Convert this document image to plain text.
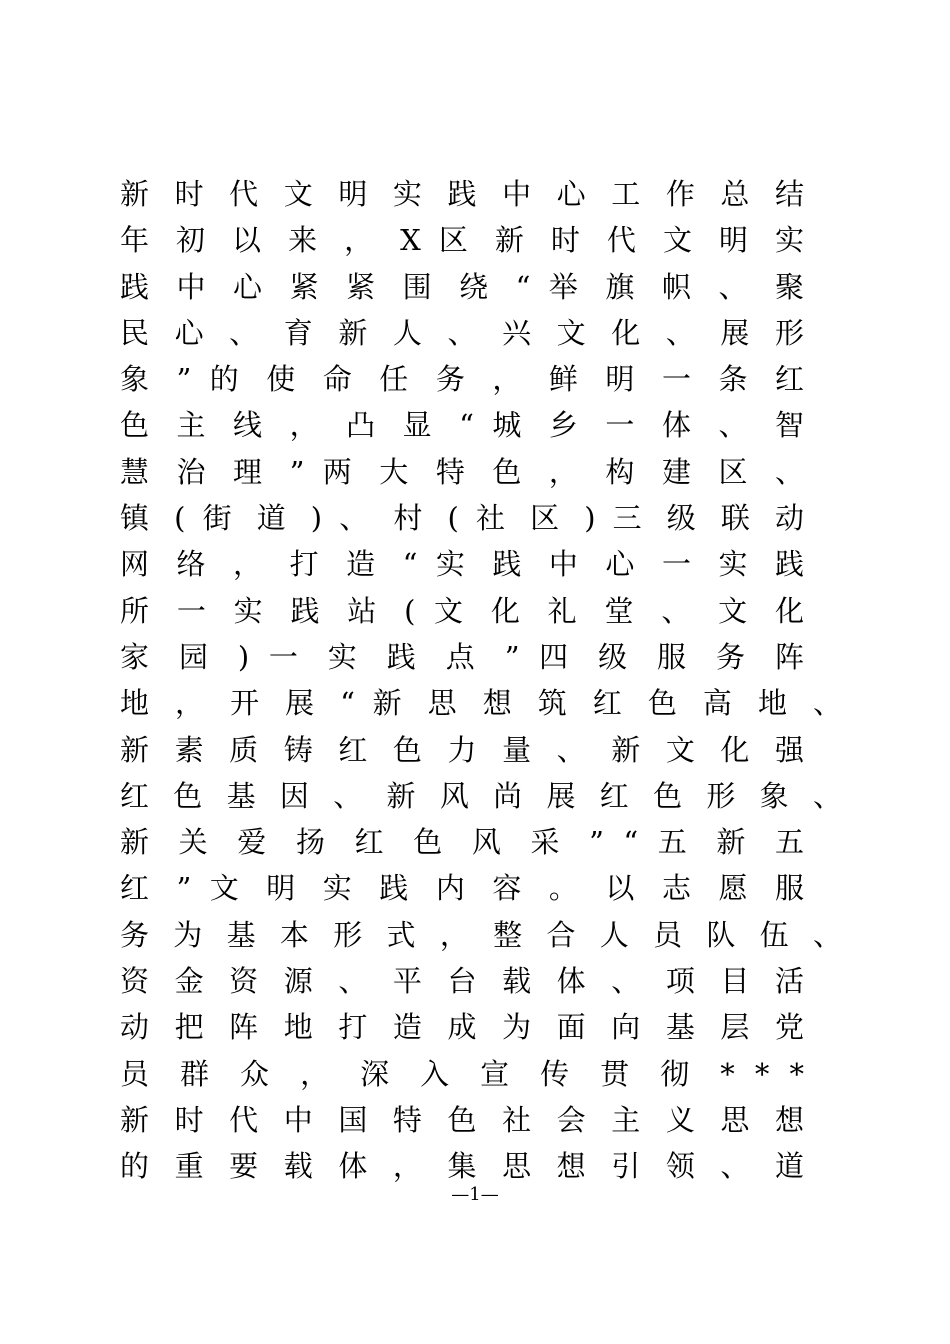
新 时 代 文 明 实 践 中 心 工 作 总 结
年 初 以 来 ， X 区 新 时 代 文 明 实
践 中 心 紧 紧 围 绕 “ 举 旗 帜 、 聚
民 心 、 育 新 人 、 兴 文 化 、 展 形
象 ” 的 使 命 任 务 ， 鲜 明 一 条 红
色 主 线 ， 凸 显 “ 城 乡 一 体 、 智
慧 治 理 ” 两 大 特 色 ， 构 建 区 、
镇 ( 街 道 ) 、 村 ( 社 区 ) 三 级 联 动
网 络 ， 打 造 “ 实 践 中 心 一 实 践
所 一 实 践 站 ( 文 化 礼 堂 、 文 化
家 园 ) 一 实 践 点 ” 四 级 服 务 阵
地 ， 开 展 “ 新 思 想 筑 红 色 高 地 、
新 素 质 铸 红 色 力 量 、 新 文 化 强
红 色 基 因 、 新 风 尚 展 红 色 形 象 、
新 关 爱 扬 红 色 风 采 ” “ 五 新 五
红 ” 文 明 实 践 内 容 。 以 志 愿 服
务 为 基 本 形 式 ， 整 合 人 员 队 伍 、
资 金 资 源 、 平 台 载 体 、 项 目 活
动 把 阵 地 打 造 成 为 面 向 基 层 党
员 群 众 ， 深 入 宣 传 贯 彻 * * *
新 时 代 中 国 特 色 社 会 主 义 思 想
的 重 要 载 体 ， 集 思 想 引 领 、 道
—1—
